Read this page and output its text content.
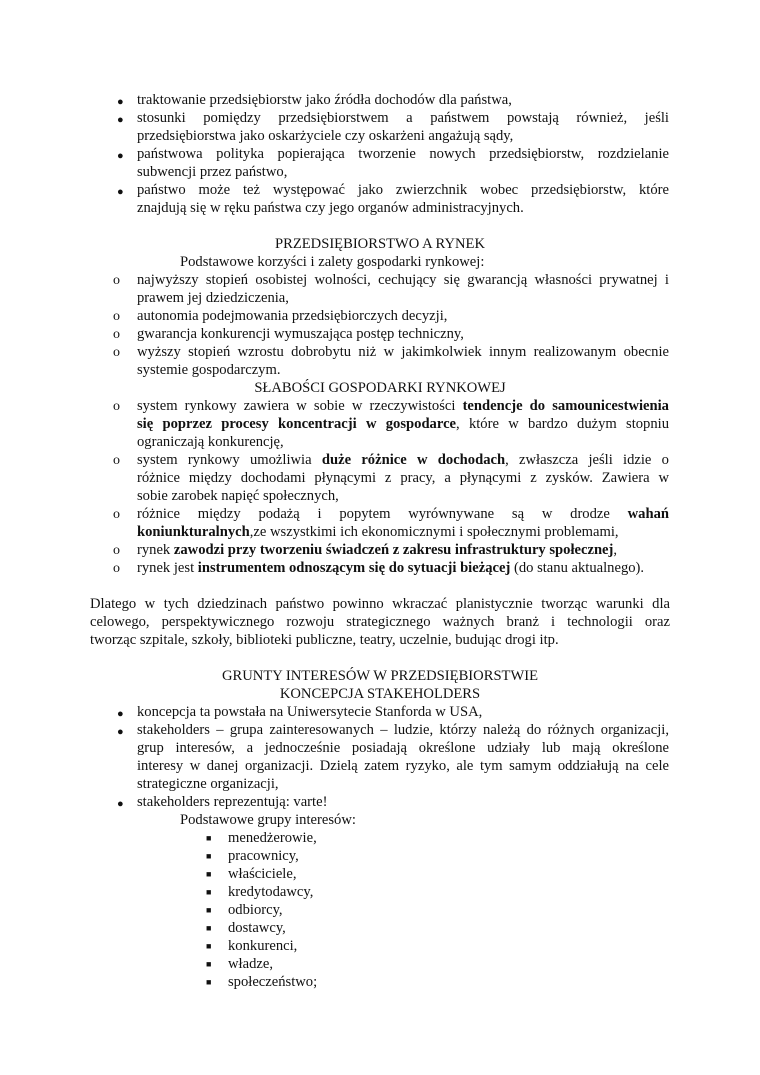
● traktowanie przedsiębiorstw jako źródła dochodów dla państwa,
● stosunki pomiędzy przedsiębiorstwem a państwem powstają również, jeśli
przedsiębiorstwa jako oskarżyciele czy oskarżeni angażują sądy,
● państwowa polityka popierająca tworzenie nowych przedsiębiorstw, rozdzielanie
subwencji przez państwo,
● państwo może też występować jako zwierzchnik wobec przedsiębiorstw, które
znajdują się w ręku państwa czy jego organów administracyjnych.
PRZEDSIĘBIORSTWO A RYNEK
Podstawowe korzyści i zalety gospodarki rynkowej:
o najwyższy stopień osobistej wolności, cechujący się gwarancją własności prywatnej i
prawem jej dziedziczenia,
o autonomia podejmowania przedsiębiorczych decyzji,
o gwarancja konkurencji wymuszająca postęp techniczny,
o wyższy stopień wzrostu dobrobytu niż w jakimkolwiek innym realizowanym obecnie
systemie gospodarczym.
SŁABOŚCI GOSPODARKI RYNKOWEJ
o system rynkowy zawiera w sobie w rzeczywistości tendencje do samounicestwienia
się poprzez procesy koncentracji w gospodarce, które w bardzo dużym stopniu
ograniczają konkurencję,
o system rynkowy umożliwia duże różnice w dochodach, zwłaszcza jeśli idzie o
różnice między dochodami płynącymi z pracy, a płynącymi z zysków. Zawiera w
sobie zarobek napięć społecznych,
o różnice między podażą i popytem wyrównywane są w drodze wahań
koniunkturalnych,ze wszystkimi ich ekonomicznymi i społecznymi problemami,
o rynek zawodzi przy tworzeniu świadczeń z zakresu infrastruktury społecznej,
o rynek jest instrumentem odnoszącym się do sytuacji bieżącej (do stanu aktualnego).
Dlatego w tych dziedzinach państwo powinno wkraczać planistycznie tworząc warunki dla
celowego, perspektywicznego rozwoju strategicznego ważnych branż i technologii oraz
tworząc szpitale, szkoły, biblioteki publiczne, teatry, uczelnie, budując drogi itp.
GRUNTY INTERESÓW W PRZEDSIĘBIORSTWIE
KONCEPCJA STAKEHOLDERS
● koncepcja ta powstała na Uniwersytecie Stanforda w USA,
● stakeholders – grupa zainteresowanych – ludzie, którzy należą do różnych organizacji,
grup interesów, a jednocześnie posiadają określone udziały lub mają określone
interesy w danej organizacji. Dzielą zatem ryzyko, ale tym samym oddziałują na cele
strategiczne organizacji,
● stakeholders reprezentują: varte!
Podstawowe grupy interesów:
■ menedżerowie,
■ pracownicy,
■ właściciele,
■ kredytodawcy,
■ odbiorcy,
■ dostawcy,
■ konkurenci,
■ władze,
■ społeczeństwo;
